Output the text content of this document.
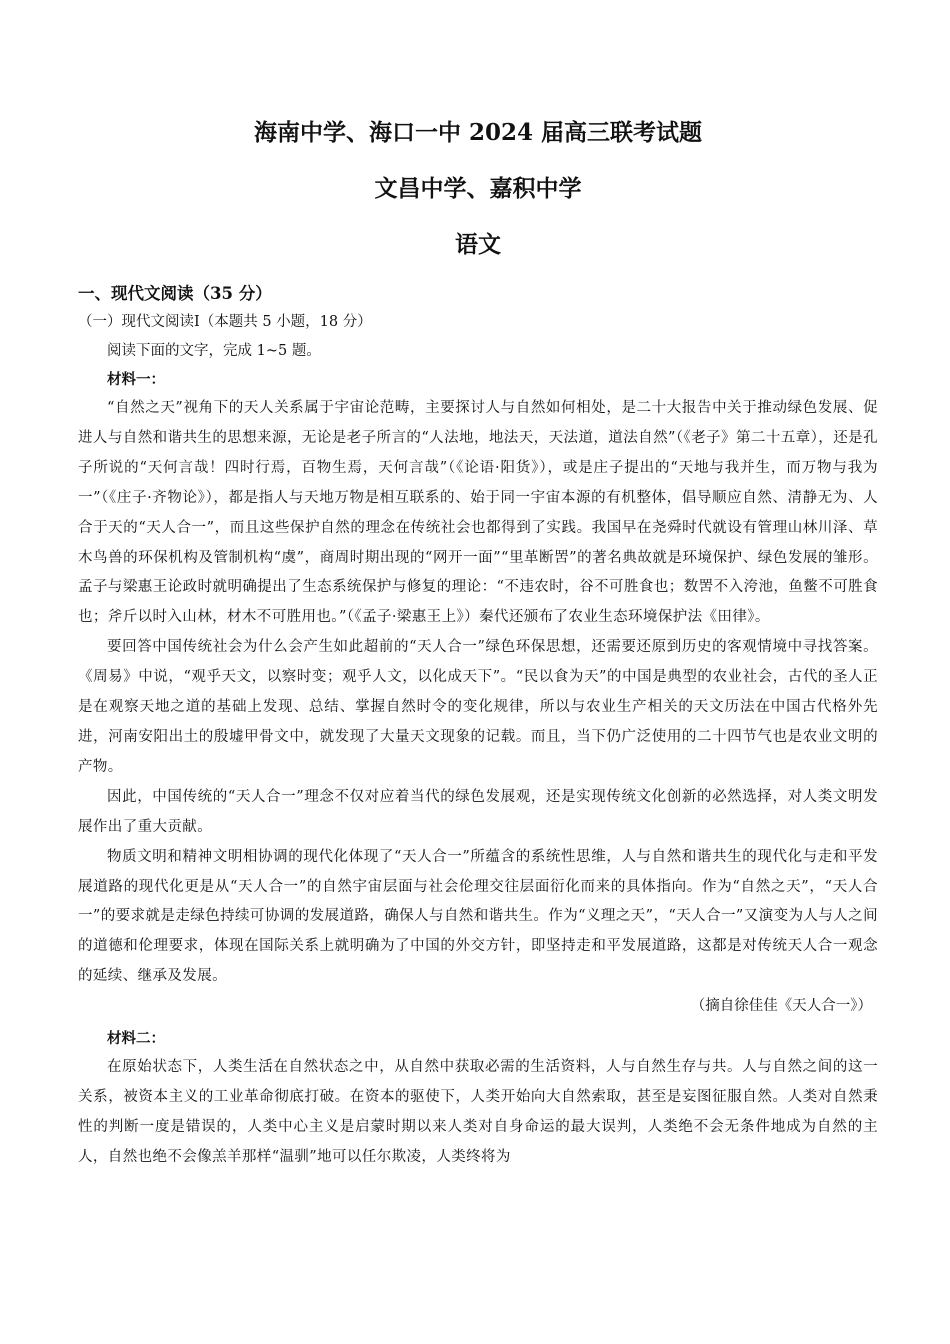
海南中学、海口一中 2024 届高三联考试题
文昌中学、嘉积中学
语文
一、现代文阅读（35 分）
（一）现代文阅读Ⅰ（本题共 5 小题，18 分）
阅读下面的文字，完成 1~5 题。
材料一：

“自然之天”视角下的天人关系属于宇宙论范畴，主要探讨人与自然如何相处，是二十大报告中关于推动绿色发展、促进人与自然和谐共生的思想来源，无论是老子所言的“人法地，地法天，天法道，道法自然”（《老子》第二十五章），还是孔子所说的“天何言哉！四时行焉，百物生焉，天何言哉”（《论语·阳货》），或是庄子提出的“天地与我并生，而万物与我为一”（《庄子·齐物论》），都是指人与天地万物是相互联系的、始于同一宇宙本源的有机整体，倡导顺应自然、清静无为、人合于天的“天人合一”，而且这些保护自然的理念在传统社会也都得到了实践。我国早在尧舜时代就设有管理山林川泽、草木鸟兽的环保机构及管制机构“虞”，商周时期出现的“网开一面”“里革断罟”的著名典故就是环境保护、绿色发展的雏形。孟子与梁惠王论政时就明确提出了生态系统保护与修复的理论：“不违农时，谷不可胜食也；数罟不入洿池，鱼鳖不可胜食也；斧斤以时入山林，材木不可胜用也。”（《孟子·梁惠王上》）秦代还颁布了农业生态环境保护法《田律》。

要回答中国传统社会为什么会产生如此超前的“天人合一”绿色环保思想，还需要还原到历史的客观情境中寻找答案。《周易》中说，“观乎天文，以察时变；观乎人文，以化成天下”。“民以食为天”的中国是典型的农业社会，古代的圣人正是在观察天地之道的基础上发现、总结、掌握自然时令的变化规律，所以与农业生产相关的天文历法在中国古代格外先进，河南安阳出土的殷墟甲骨文中，就发现了大量天文现象的记载。而且，当下仍广泛使用的二十四节气也是农业文明的产物。

因此，中国传统的“天人合一”理念不仅对应着当代的绿色发展观，还是实现传统文化创新的必然选择，对人类文明发展作出了重大贡献。

物质文明和精神文明相协调的现代化体现了“天人合一”所蕴含的系统性思维，人与自然和谐共生的现代化与走和平发展道路的现代化更是从“天人合一”的自然宇宙层面与社会伦理交往层面衍化而来的具体指向。作为“自然之天”，“天人合一”的要求就是走绿色持续可协调的发展道路，确保人与自然和谐共生。作为“义理之天”，“天人合一”又演变为人与人之间的道德和伦理要求，体现在国际关系上就明确为了中国的外交方针，即坚持走和平发展道路，这都是对传统天人合一观念的延续、继承及发展。

（摘自徐佳佳《天人合一》）

材料二：

在原始状态下，人类生活在自然状态之中，从自然中获取必需的生活资料，人与自然生存与共。人与自然之间的这一关系，被资本主义的工业革命彻底打破。在资本的驱使下，人类开始向大自然索取，甚至是妄图征服自然。人类对自然秉性的判断一度是错误的，人类中心主义是启蒙时期以来人类对自身命运的最大误判，人类绝不会无条件地成为自然的主人，自然也绝不会像羔羊那样“温驯”地可以任尔欺凌，人类终将为
